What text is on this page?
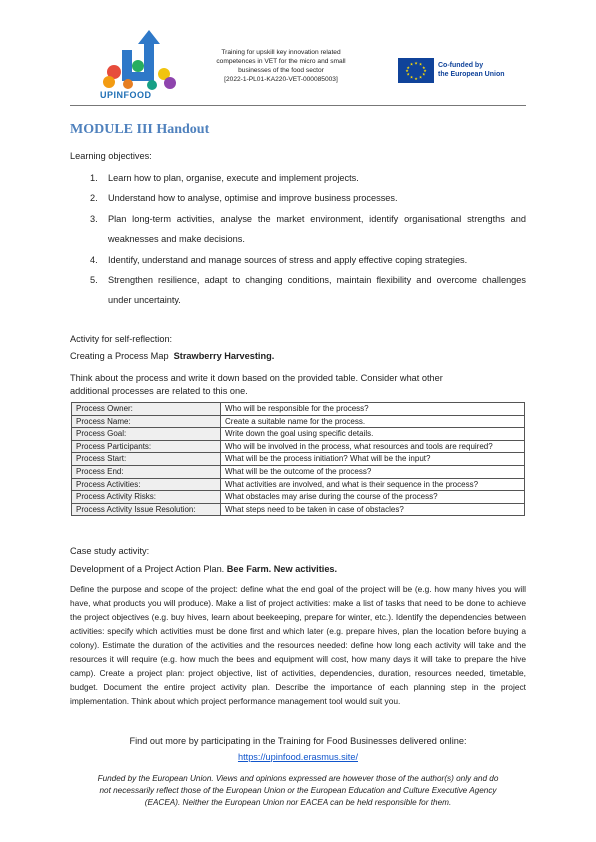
UPINFOOD
Training for upskill key innovation related
competences in VET for the micro and small
businesses of the food sector
[2022-1-PL01-KA220-VET-000085003]
★ ★
★
★
★
★
★
★
★
★
★
★	Co-funded by
the European Union
MODULE III Handout
Learning objectives:
1.	Learn how to plan, organise, execute and implement projects.
2.	Understand how to analyse, optimise and improve business processes.
3.	Plan long-term activities, analyse the market environment, identify organisational strengths and weaknesses and make decisions.
4.	Identify, understand and manage sources of stress and apply effective coping strategies.
5.	Strengthen resilience, adapt to changing conditions, maintain flexibility and overcome challenges under uncertainty.
Activity for self-reflection:
Creating a Process Map Strawberry Harvesting.
Think about the process and write it down based on the provided table. Consider what other
additional processes are related to this one.
Process Owner:	Who will be responsible for the process?
Process Name:	Create a suitable name for the process.
Process Goal:	Write down the goal using specific details.
Process Participants:	Who will be involved in the process, what resources and tools are required?
Process Start:	What will be the process initiation? What will be the input?
Process End:	What will be the outcome of the process?
Process Activities:	What activities are involved, and what is their sequence in the process?
Process Activity Risks:	What obstacles may arise during the course of the process?
Process Activity Issue Resolution:	What steps need to be taken in case of obstacles?
Case study activity:
Development of a Project Action Plan. Bee Farm. New activities.
Define the purpose and scope of the project: define what the end goal of the project will be (e.g. how many hives you will have, what products you will produce). Make a list of project activities: make a list of tasks that need to be done to achieve the project objectives (e.g. buy hives, learn about beekeeping, prepare for winter, etc.). Identify the dependencies between activities: specify which activities must be done first and which later (e.g. prepare hives, plan the location before buying a colony). Estimate the duration of the activities and the resources needed: define how long each activity will take and the resources it will require (e.g. how much the bees and equipment will cost, how many days it will take to prepare the hive camp). Create a project plan: project objective, list of activities, dependencies, duration, resources needed, timetable, budget. Document the entire project activity plan. Describe the importance of each planning step in the project implementation. Think about which project performance management tool would suit you.
Find out more by participating in the Training for Food Businesses delivered online:
https://upinfood.erasmus.site/
Funded by the European Union. Views and opinions expressed are however those of the author(s) only and do
not necessarily reflect those of the European Union or the European Education and Culture Executive Agency
(EACEA). Neither the European Union nor EACEA can be held responsible for them.
